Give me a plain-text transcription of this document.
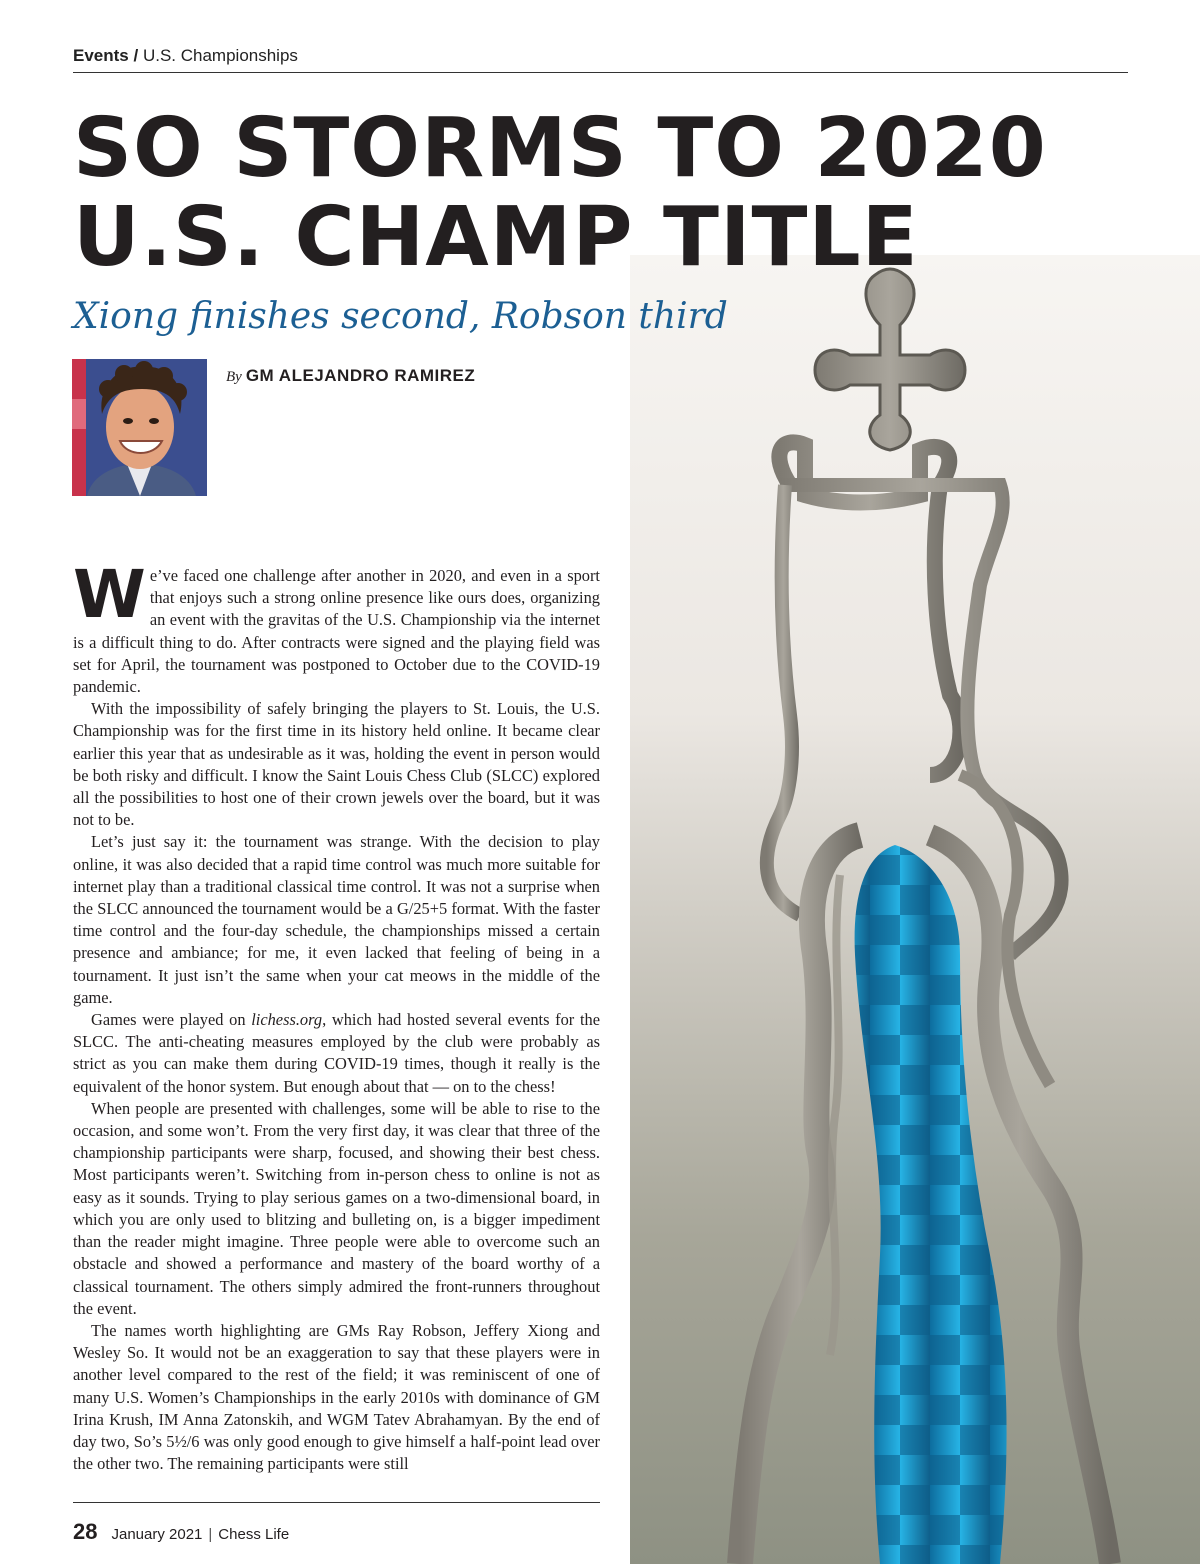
Events / U.S. Championships
SO STORMS TO 2020
U.S. CHAMP TITLE
Xiong finishes second, Robson third
By GM ALEJANDRO RAMIREZ

We’ve faced one challenge after another in 2020, and even in a sport that enjoys such a strong online presence like ours does, organizing an event with the gravitas of the U.S. Championship via the internet is a difficult thing to do. After contracts were signed and the playing field was set for April, the tournament was postponed to October due to the COVID-19 pandemic.

With the impossibility of safely bringing the players to St. Louis, the U.S. Championship was for the first time in its history held online. It became clear earlier this year that as undesirable as it was, holding the event in person would be both risky and difficult. I know the Saint Louis Chess Club (SLCC) explored all the possibilities to host one of their crown jewels over the board, but it was not to be.

Let’s just say it: the tournament was strange. With the decision to play online, it was also decided that a rapid time control was much more suitable for internet play than a traditional classical time control. It was not a surprise when the SLCC announced the tournament would be a G/25+5 format. With the faster time control and the four-day schedule, the championships missed a certain presence and ambiance; for me, it even lacked that feeling of being in a tournament. It just isn’t the same when your cat meows in the middle of the game.

Games were played on lichess.org, which had hosted several events for the SLCC. The anti-cheating measures employed by the club were probably as strict as you can make them during COVID-19 times, though it really is the equivalent of the honor system. But enough about that — on to the chess!

When people are presented with challenges, some will be able to rise to the occasion, and some won’t. From the very first day, it was clear that three of the championship participants were sharp, focused, and showing their best chess. Most participants weren’t. Switching from in-person chess to online is not as easy as it sounds. Trying to play serious games on a two-dimensional board, in which you are only used to blitzing and bulleting on, is a bigger impediment than the reader might imagine. Three people were able to overcome such an obstacle and showed a performance and mastery of the board worthy of a classical tournament. The others simply admired the front-runners throughout the event.

The names worth highlighting are GMs Ray Robson, Jeffery Xiong and Wesley So. It would not be an exaggeration to say that these players were in another level compared to the rest of the field; it was reminiscent of one of many U.S. Women’s Championships in the early 2010s with dominance of GM Irina Krush, IM Anna Zatonskih, and WGM Tatev Abrahamyan. By the end of day two, So’s 5½/6 was only good enough to give himself a half-point lead over the other two. The remaining participants were still

28 January 2021 | Chess Life
